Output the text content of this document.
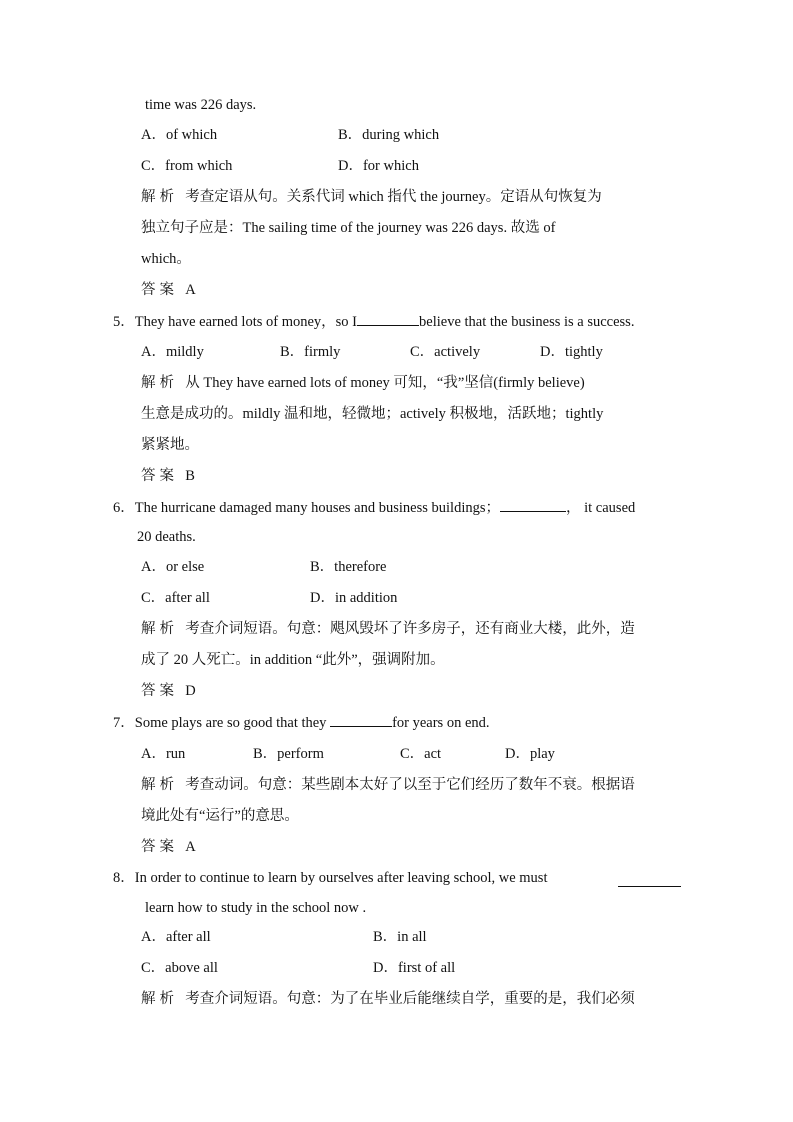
time was 226 days.
A．of which	B．during which
C．from which	D．for which
解析 考查定语从句。关系代词 which 指代 the journey。定语从句恢复为
独立句子应是：The sailing time of the journey was 226 days. 故选 of
which。
答案 A
5．They have earned lots of money，so I	believe that the business is a success.
A．mildly	B．firmly	C．actively	D．tightly
解析 从 They have earned lots of money 可知，“我”坚信(firmly believe)
生意是成功的。mildly 温和地，轻微地；actively 积极地，活跃地；tightly
紧紧地。
答案 B
6．The hurricane damaged many houses and business buildings；	， it caused
20 deaths.
A．or else	B．therefore
C．after all	D．in addition
解析 考查介词短语。句意：飓风毁坏了许多房子，还有商业大楼，此外，造
成了 20 人死亡。in addition “此外”，强调附加。
答案 D
7．Some plays are so good that they	for years on end.
A．run	B．perform	C．act	D．play
解析 考查动词。句意：某些剧本太好了以至于它们经历了数年不衰。根据语
境此处有“运行”的意思。
答案 A
8．In order to continue to learn by ourselves after leaving school, we must
learn how to study in the school now .
A．after all	B．in all
C．above all	D．first of all
解析 考查介词短语。句意：为了在毕业后能继续自学，重要的是，我们必须
